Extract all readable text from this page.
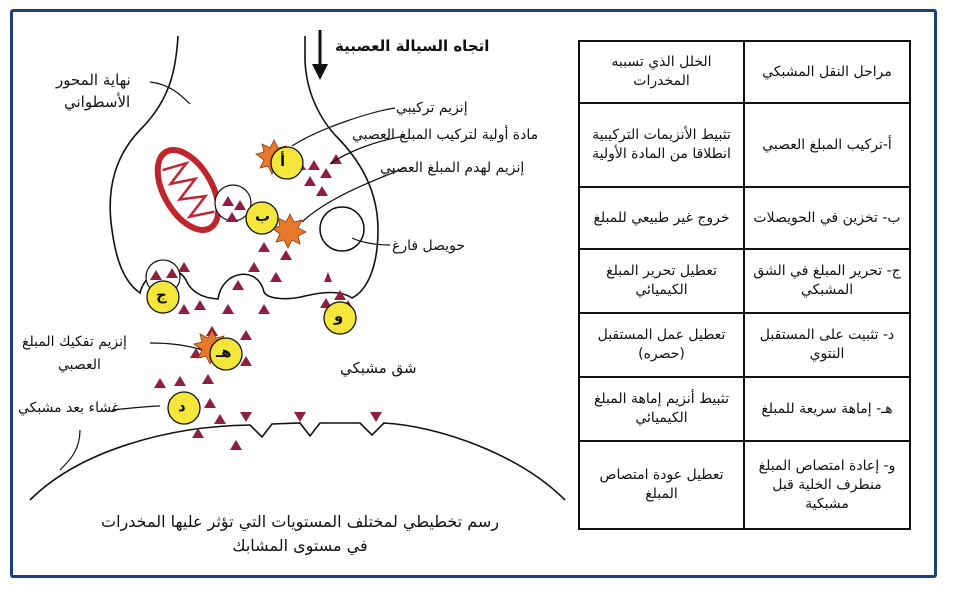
أ
ب
ج
هـ
د
و
اتجاه السيالة العصبية
نهاية المحور
الأسطواني	إنزيم تركيبي
مادة أولية لتركيب المبلغ العصبي
إنزيم لهدم المبلغ العصبي
حويصل فارغ
إنزيم تفكيك المبلغ
العصبي	شق مشبكي
غشاء بعد مشبكي
رسم تخطيطي لمختلف المستويات التي تؤثر عليها المخدرات
في مستوى المشابك
مراحل النقل المشبكي	الخلل الذي تسببه المخدرات
أ-تركيب المبلغ العصبي	تثبيط الأنزيمات التركيبية انطلاقا من المادة الأولية
ب- تخزين في الحويصلات	خروج غير طبيعي للمبلغ
ج- تحرير المبلغ في الشق المشبكي	تعطيل تحرير المبلغ الكيميائي
د- تثبيت على المستقبل النتوي	تعطيل عمل المستقبل (حصره)
هـ- إماهة سريعة للمبلغ	تثبيط أنزيم إماهة المبلغ الكيميائي
و- إعادة امتصاص المبلغ منطرف الخلية قبل مشبكية	تعطيل عودة امتصاص المبلغ
